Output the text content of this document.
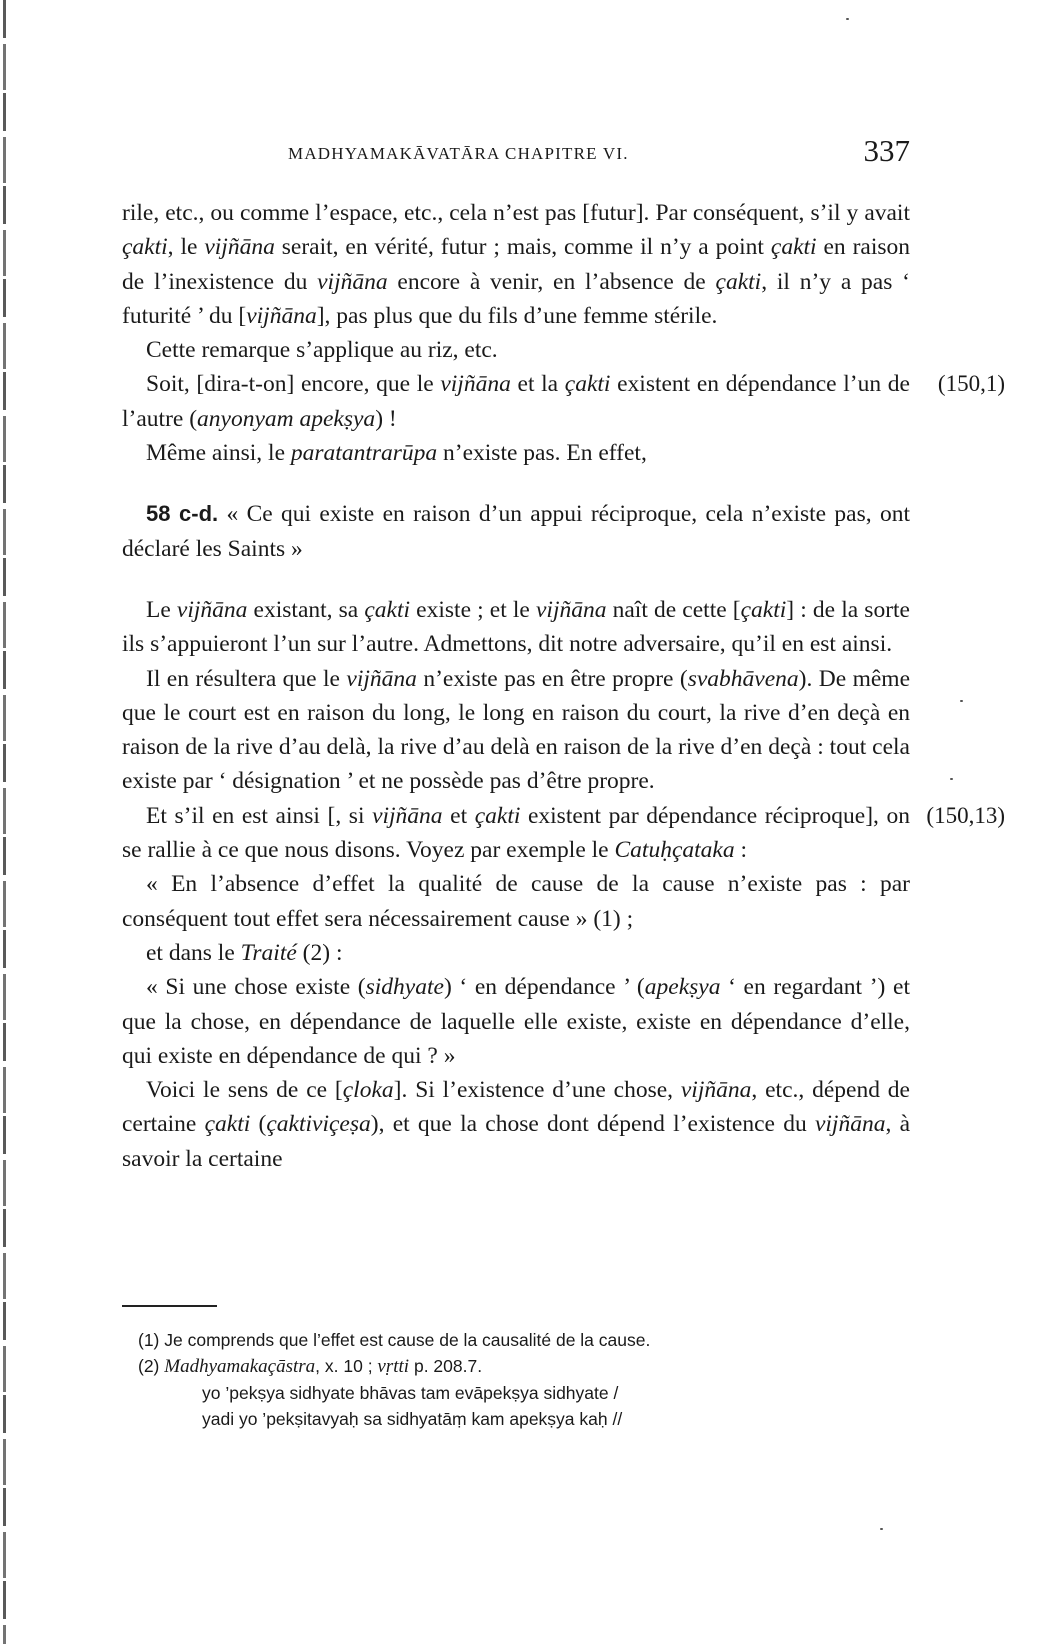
MADHYAMAKĀVATĀRA CHAPITRE VI.	337

rile, etc., ou comme l’espace, etc., cela n’est pas [futur]. Par conséquent, s’il y avait çakti, le vijñāna serait, en vérité, futur ; mais, comme il n’y a point çakti en raison de l’inexistence du vijñāna encore à venir, en l’absence de çakti, il n’y a pas ‘ futurité ’ du [vijñāna], pas plus que du fils d’une femme stérile.

Cette remarque s’applique au riz, etc.

Soit, [dira-t-on] encore, que le vijñāna et la çakti existent en dépendance l’un de l’autre (anyonyam apekṣya) !
(150,1)

Même ainsi, le paratantrarūpa n’existe pas. En effet,

58 c-d. « Ce qui existe en raison d’un appui réciproque, cela n’existe pas, ont déclaré les Saints »

Le vijñāna existant, sa çakti existe ; et le vijñāna naît de cette [çakti] : de la sorte ils s’appuieront l’un sur l’autre. Admettons, dit notre adversaire, qu’il en est ainsi.

Il en résultera que le vijñāna n’existe pas en être propre (svabhāvena). De même que le court est en raison du long, le long en raison du court, la rive d’en deçà en raison de la rive d’au delà, la rive d’au delà en raison de la rive d’en deçà : tout cela existe par ‘ désignation ’ et ne possède pas d’être propre.

Et s’il en est ainsi [, si vijñāna et çakti existent par dépendance réciproque], on se rallie à ce que nous disons. Voyez par exemple le Catuḥçataka :
(150,13)

« En l’absence d’effet la qualité de cause de la cause n’existe pas : par conséquent tout effet sera nécessairement cause » (1) ;

et dans le Traité (2) :

« Si une chose existe (sidhyate) ‘ en dépendance ’ (apekṣya ‘ en regardant ’) et que la chose, en dépendance de laquelle elle existe, existe en dépendance d’elle, qui existe en dépendance de qui ? »

Voici le sens de ce [çloka]. Si l’existence d’une chose, vijñāna, etc., dépend de certaine çakti (çaktiviçeṣa), et que la chose dont dépend l’existence du vijñāna, à savoir la certaine

(1) Je comprends que l’effet est cause de la causalité de la cause.

(2) Madhyamakaçāstra, x. 10 ; vṛtti p. 208.7.

yo ’pekṣya sidhyate bhāvas tam evāpekṣya sidhyate /

yadi yo ’pekṣitavyaḥ sa sidhyatāṃ kam apekṣya kaḥ //
